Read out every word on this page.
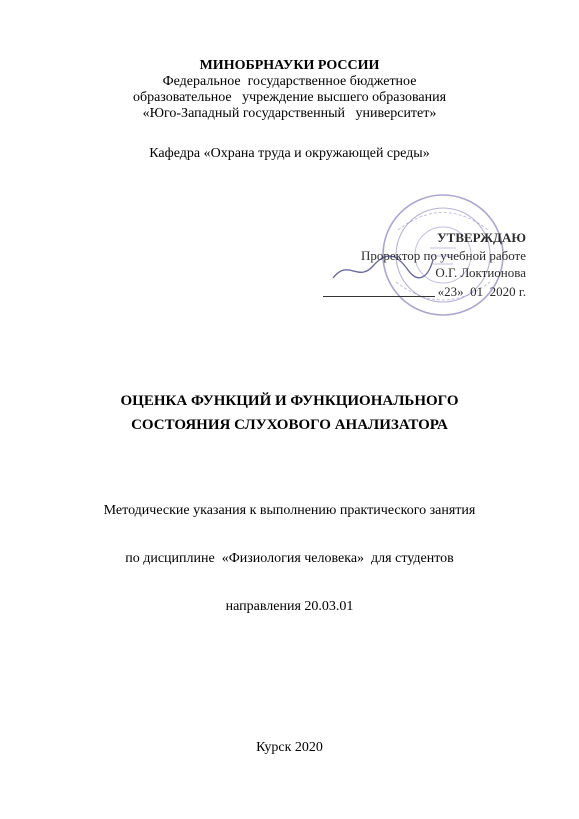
МИНОБРНАУКИ РОССИИ
Федеральное  государственное бюджетное
образовательное   учреждение высшего образования
«Юго-Западный государственный   университет»
Кафедра «Охрана труда и окружающей среды»
УТВЕРЖДАЮ
Проректор по учебной работе
О.Г. Локтионова
«23»  01  2020 г.
ОЦЕНКА ФУНКЦИЙ И ФУНКЦИОНАЛЬНОГО
СОСТОЯНИЯ СЛУХОВОГО АНАЛИЗАТОРА

Методические указания к выполнению практического занятия

по дисциплине  «Физиология человека»  для студентов

направления 20.03.01

Курск 2020
